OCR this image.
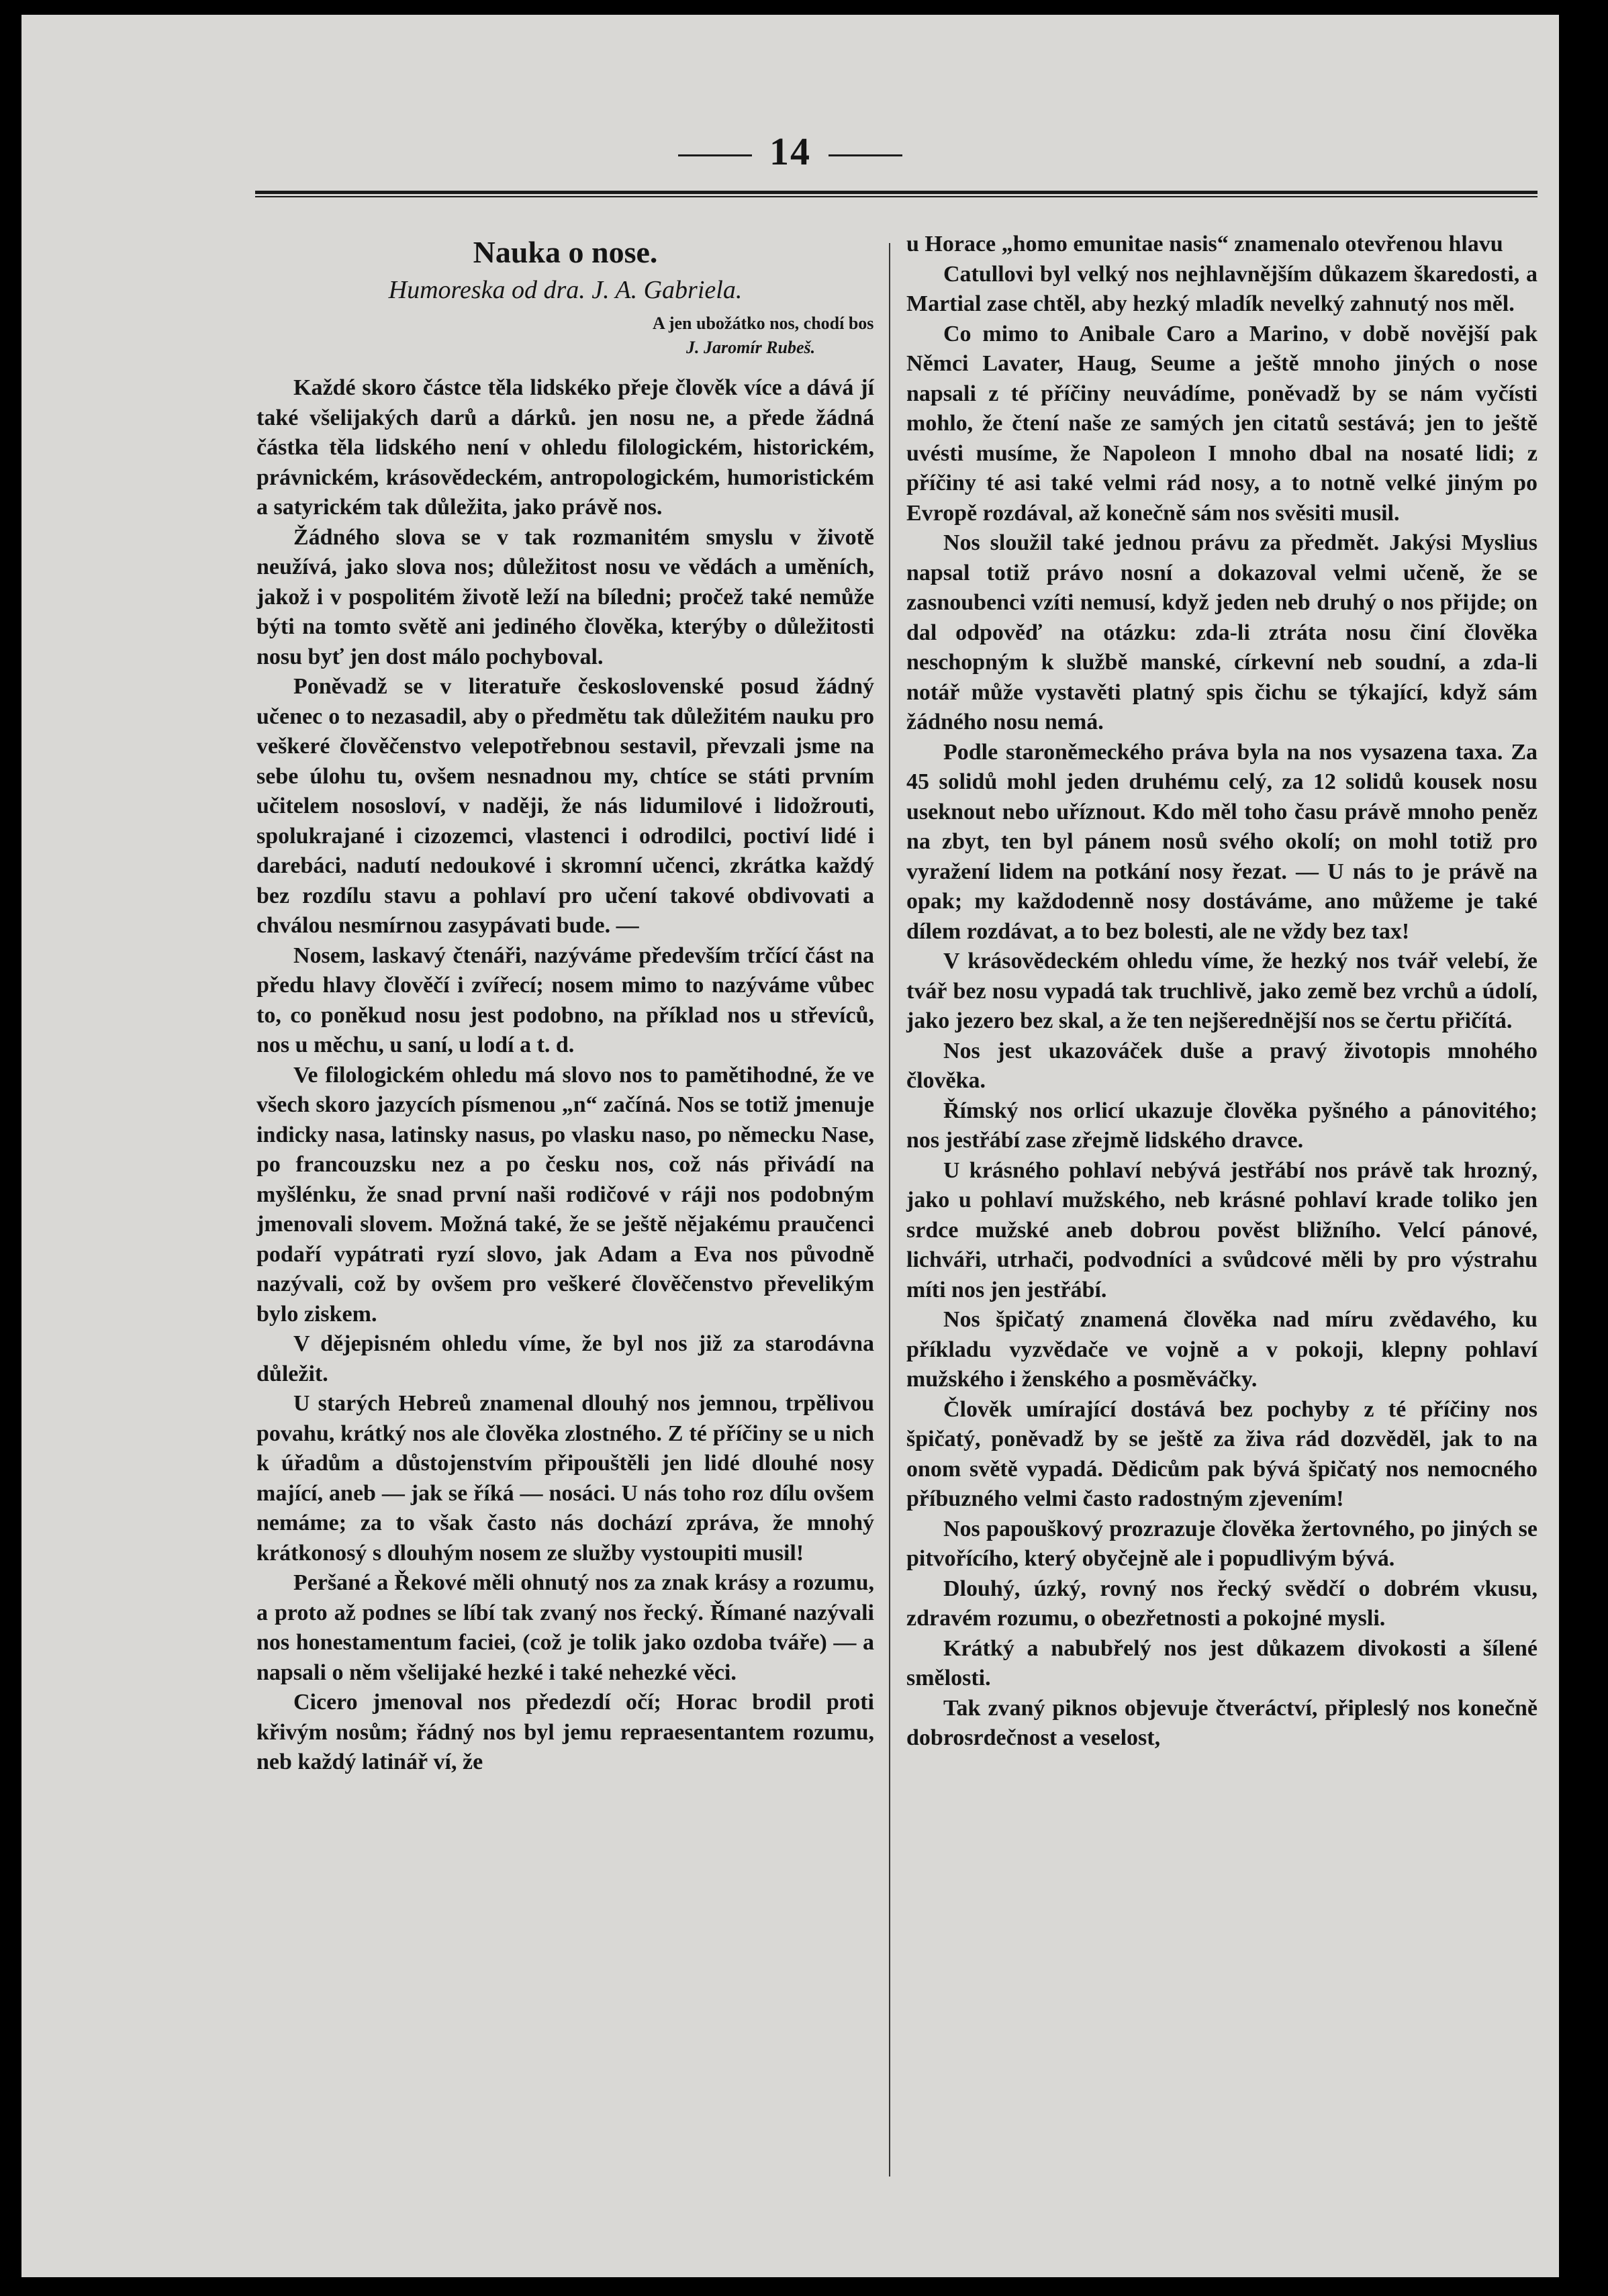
14
Nauka o nose.
Humoreska od dra. J. A. Gabriela.
A jen ubožátko nos, chodí bos
J. Jaromír Rubeš.

Každé skoro částce těla lidskéko přeje člověk více a dává jí také všelijakých darů a dárků. jen nosu ne, a přede žádná částka těla lidského není v ohledu filologickém, historickém, právnickém, krásovědeckém, antropologickém, humoristickém a satyrickém tak důležita, jako právě nos.

Žádného slova se v tak rozmanitém smyslu v životě neužívá, jako slova nos; důležitost nosu ve vědách a uměních, jakož i v pospolitém životě leží na bíledni; pročež také nemůže býti na tomto světě ani jediného člověka, kterýby o důležitosti nosu byť jen dost málo pochyboval.

Poněvadž se v literatuře československé posud žádný učenec o to nezasadil, aby o předmětu tak důležitém nauku pro veškeré člověčenstvo velepotřebnou sestavil, převzali jsme na sebe úlohu tu, ovšem nesnadnou my, chtíce se státi prvním učitelem nososloví, v naději, že nás lidumilové i lidožrouti, spolukrajané i cizozemci, vlastenci i odrodilci, poctiví lidé i darebáci, nadutí nedoukové i skromní učenci, zkrátka každý bez rozdílu stavu a pohlaví pro učení takové obdivovati a chválou nesmírnou zasypávati bude. —

Nosem, laskavý čtenáři, nazýváme především trčící část na předu hlavy člověčí i zvířecí; nosem mimo to nazýváme vůbec to, co poněkud nosu jest podobno, na příklad nos u střevíců, nos u měchu, u saní, u lodí a t. d.

Ve filologickém ohledu má slovo nos to pamětihodné, že ve všech skoro jazycích písmenou „n“ začíná. Nos se totiž jmenuje indicky nasa, latinsky nasus, po vlasku naso, po německu Nase, po francouzsku nez a po česku nos, což nás přivádí na myšlénku, že snad první naši rodičové v ráji nos podobným jmenovali slovem. Možná také, že se ještě nějakému praučenci podaří vypátrati ryzí slovo, jak Adam a Eva nos původně nazývali, což by ovšem pro veškeré člověčenstvo převelikým bylo ziskem.

V dějepisném ohledu víme, že byl nos již za starodávna důležit.

U starých Hebreů znamenal dlouhý nos jemnou, trpělivou povahu, krátký nos ale člověka zlostného. Z té příčiny se u nich k úřadům a důstojenstvím připouštěli jen lidé dlouhé nosy mající, aneb — jak se říká — nosáci. U nás toho roz dílu ovšem nemáme; za to však často nás dochází zpráva, že mnohý krátkonosý s dlouhým nosem ze služby vystoupiti musil!

Peršané a Řekové měli ohnutý nos za znak krásy a rozumu, a proto až podnes se líbí tak zvaný nos řecký. Římané nazývali nos honestamentum faciei, (což je tolik jako ozdoba tváře) — a napsali o něm všelijaké hezké i také nehezké věci.

Cicero jmenoval nos předezdí očí; Horac brodil proti křivým nosům; řádný nos byl jemu repraesentantem rozumu, neb každý latinář ví, že

u Horace „homo emunitae nasis“ znamenalo otevřenou hlavu

Catullovi byl velký nos nejhlavnějším důkazem škaredosti, a Martial zase chtěl, aby hezký mladík nevelký zahnutý nos měl.

Co mimo to Anibale Caro a Marino, v době novější pak Němci Lavater, Haug, Seume a ještě mnoho jiných o nose napsali z té příčiny neuvádíme, poněvadž by se nám vyčísti mohlo, že čtení naše ze samých jen citatů sestává; jen to ještě uvésti musíme, že Napoleon I mnoho dbal na nosaté lidi; z příčiny té asi také velmi rád nosy, a to notně velké jiným po Evropě rozdával, až konečně sám nos svěsiti musil.

Nos sloužil také jednou právu za předmět. Jakýsi Myslius napsal totiž právo nosní a dokazoval velmi učeně, že se zasnoubenci vzíti nemusí, když jeden neb druhý o nos přijde; on dal odpověď na otázku: zda-li ztráta nosu činí člověka neschopným k službě manské, církevní neb soudní, a zda-li notář může vystavěti platný spis čichu se týkající, když sám žádného nosu nemá.

Podle staroněmeckého práva byla na nos vysazena taxa. Za 45 solidů mohl jeden druhému celý, za 12 solidů kousek nosu useknout nebo uříznout. Kdo měl toho času právě mnoho peněz na zbyt, ten byl pánem nosů svého okolí; on mohl totiž pro vyražení lidem na potkání nosy řezat. — U nás to je právě na opak; my každodenně nosy dostáváme, ano můžeme je také dílem rozdávat, a to bez bolesti, ale ne vždy bez tax!

V krásovědeckém ohledu víme, že hezký nos tvář velebí, že tvář bez nosu vypadá tak truchlivě, jako země bez vrchů a údolí, jako jezero bez skal, a že ten nejšerednější nos se čertu přičítá.

Nos jest ukazováček duše a pravý životopis mnohého člověka.

Římský nos orlicí ukazuje člověka pyšného a pánovitého; nos jestřábí zase zřejmě lidského dravce.

U krásného pohlaví nebývá jestřábí nos právě tak hrozný, jako u pohlaví mužského, neb krásné pohlaví krade toliko jen srdce mužské aneb dobrou pověst bližního. Velcí pánové, lichváři, utrhači, podvodníci a svůdcové měli by pro výstrahu míti nos jen jestřábí.

Nos špičatý znamená člověka nad míru zvědavého, ku příkladu vyzvědače ve vojně a v pokoji, klepny pohlaví mužského i ženského a posměváčky.

Člověk umírající dostává bez pochyby z té příčiny nos špičatý, poněvadž by se ještě za živa rád dozvěděl, jak to na onom světě vypadá. Dědicům pak bývá špičatý nos nemocného příbuzného velmi často radostným zjevením!

Nos papouškový prozrazuje člověka žertovného, po jiných se pitvořícího, který obyčejně ale i popudlivým bývá.

Dlouhý, úzký, rovný nos řecký svědčí o dobrém vkusu, zdravém rozumu, o obezřetnosti a pokojné mysli.

Krátký a nabubřelý nos jest důkazem divokosti a šílené smělosti.

Tak zvaný piknos objevuje čtveráctví, připleslý nos konečně dobrosrdečnost a veselost,
